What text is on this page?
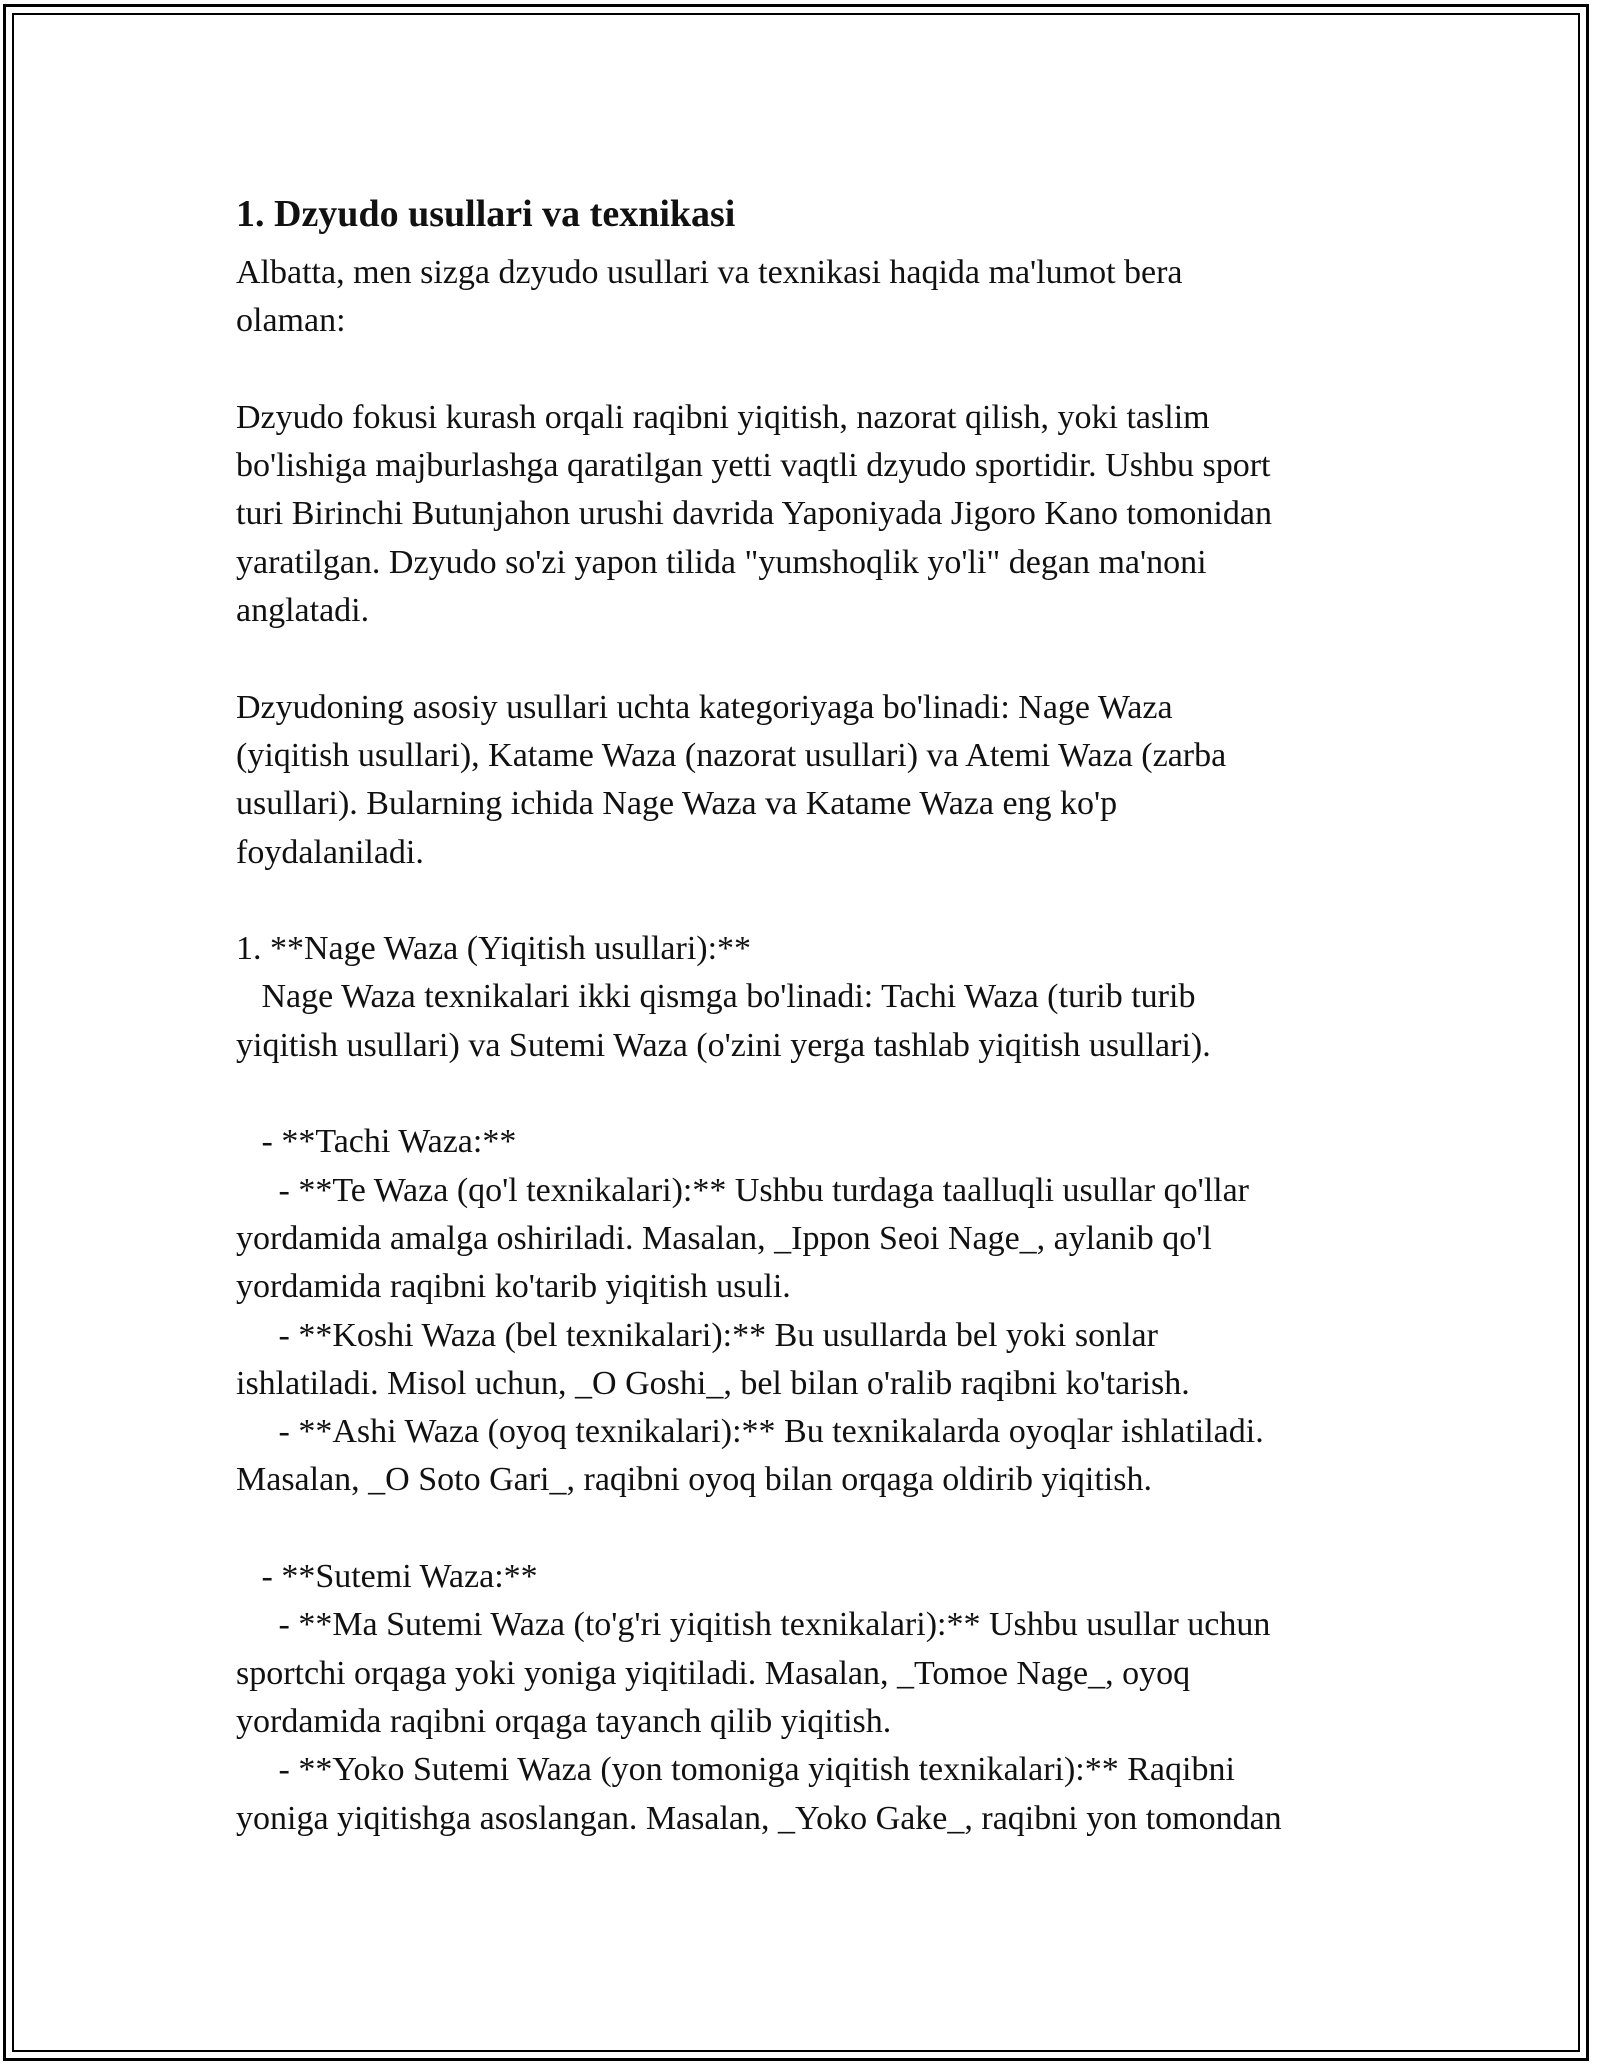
1. Dzyudo usullari va texnikasi
Albatta, men sizga dzyudo usullari va texnikasi haqida ma'lumot bera
olaman:
Dzyudo fokusi kurash orqali raqibni yiqitish, nazorat qilish, yoki taslim
bo'lishiga majburlashga qaratilgan yetti vaqtli dzyudo sportidir. Ushbu sport
turi Birinchi Butunjahon urushi davrida Yaponiyada Jigoro Kano tomonidan
yaratilgan. Dzyudo so'zi yapon tilida "yumshoqlik yo'li" degan ma'noni
anglatadi.
Dzyudoning asosiy usullari uchta kategoriyaga bo'linadi: Nage Waza
(yiqitish usullari), Katame Waza (nazorat usullari) va Atemi Waza (zarba
usullari). Bularning ichida Nage Waza va Katame Waza eng ko'p
foydalaniladi.
1. **Nage Waza (Yiqitish usullari):**
Nage Waza texnikalari ikki qismga bo'linadi: Tachi Waza (turib turib
yiqitish usullari) va Sutemi Waza (o'zini yerga tashlab yiqitish usullari).
- **Tachi Waza:**
- **Te Waza (qo'l texnikalari):** Ushbu turdaga taalluqli usullar qo'llar
yordamida amalga oshiriladi. Masalan, _Ippon Seoi Nage_, aylanib qo'l
yordamida raqibni ko'tarib yiqitish usuli.
- **Koshi Waza (bel texnikalari):** Bu usullarda bel yoki sonlar
ishlatiladi. Misol uchun, _O Goshi_, bel bilan o'ralib raqibni ko'tarish.
- **Ashi Waza (oyoq texnikalari):** Bu texnikalarda oyoqlar ishlatiladi.
Masalan, _O Soto Gari_, raqibni oyoq bilan orqaga oldirib yiqitish.
- **Sutemi Waza:**
- **Ma Sutemi Waza (to'g'ri yiqitish texnikalari):** Ushbu usullar uchun
sportchi orqaga yoki yoniga yiqitiladi. Masalan, _Tomoe Nage_, oyoq
yordamida raqibni orqaga tayanch qilib yiqitish.
- **Yoko Sutemi Waza (yon tomoniga yiqitish texnikalari):** Raqibni
yoniga yiqitishga asoslangan. Masalan, _Yoko Gake_, raqibni yon tomondan
